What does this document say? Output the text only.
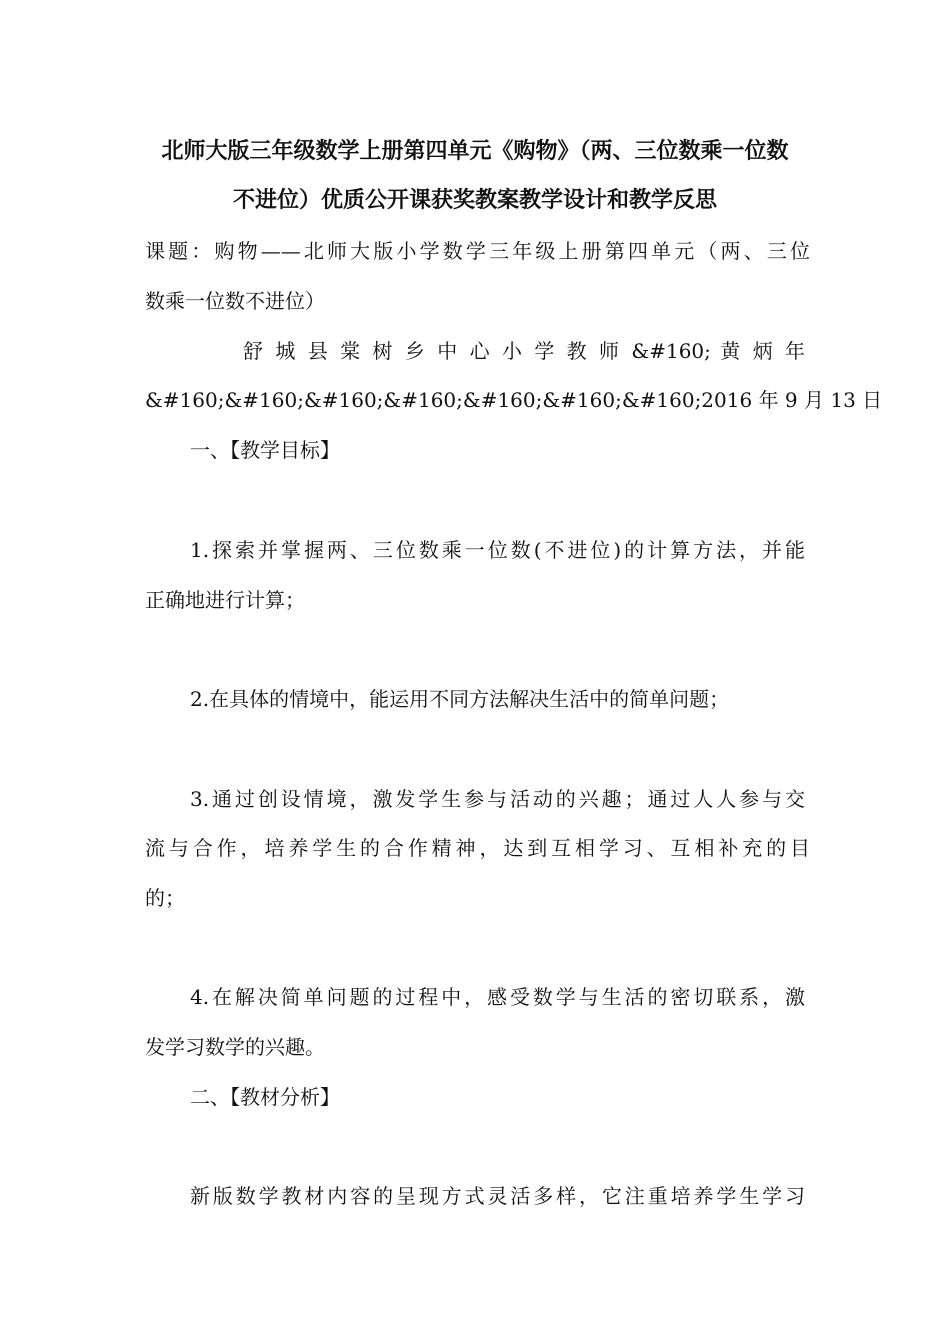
北师大版三年级数学上册第四单元《购物》（两、三位数乘一位数
不进位）优质公开课获奖教案教学设计和教学反思
课题：购物——北师大版小学数学三年级上册第四单元（两、三位
数乘一位数不进位）
舒 城 县 棠 树 乡 中 心 小 学 教 师 &#160; 黄 炳 年
&#160;&#160;&#160;&#160;&#160;&#160;&#160;2016 年 9 月 13 日
一、【教学目标】
1.探索并掌握两、三位数乘一位数(不进位)的计算方法，并能
正确地进行计算；
2.在具体的情境中，能运用不同方法解决生活中的简单问题；
3.通过创设情境，激发学生参与活动的兴趣；通过人人参与交
流与合作，培养学生的合作精神，达到互相学习、互相补充的目
的；
4.在解决简单问题的过程中，感受数学与生活的密切联系，激
发学习数学的兴趣。
二、【教材分析】
新版数学教材内容的呈现方式灵活多样，它注重培养学生学习
